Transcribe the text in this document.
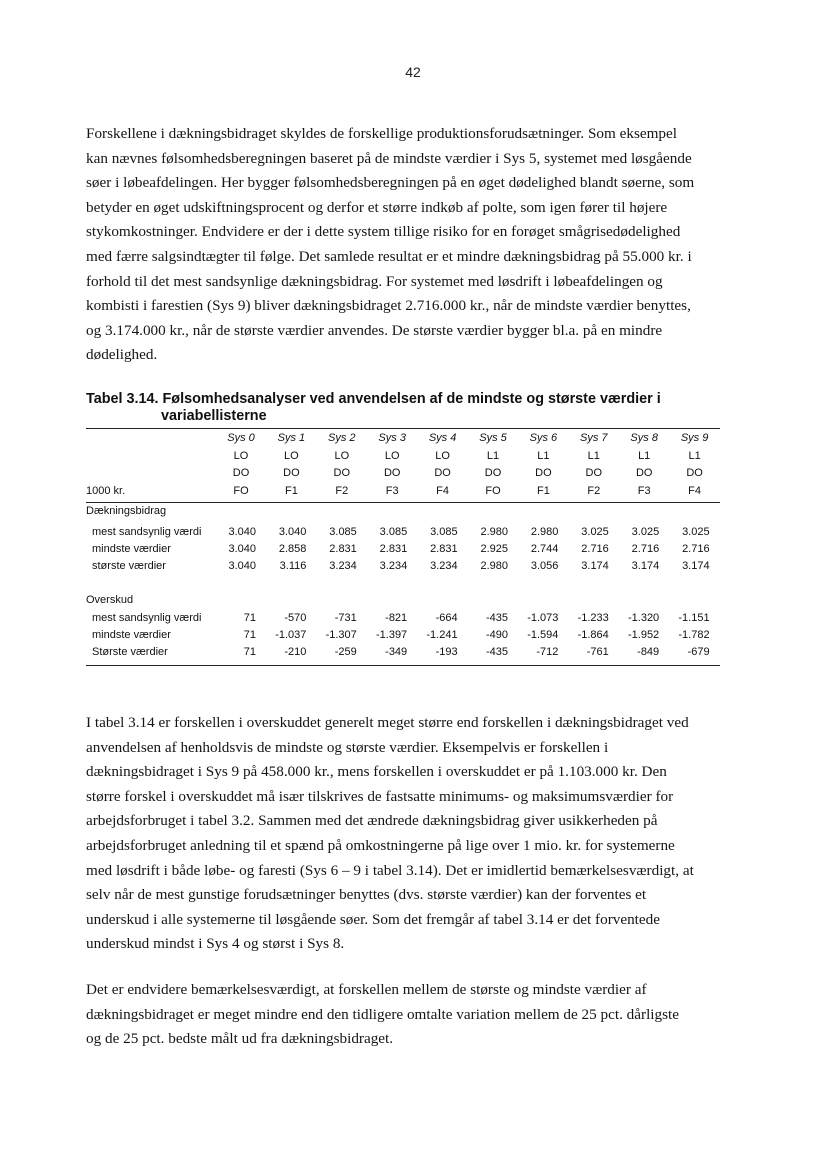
42
Forskellene i dækningsbidraget skyldes de forskellige produktionsforudsætninger. Som eksempel
kan nævnes følsomhedsberegningen baseret på de mindste værdier i Sys 5, systemet med løsgående
søer i løbeafdelingen. Her bygger følsomhedsberegningen på en øget dødelighed blandt søerne, som
betyder en øget udskiftningsprocent og derfor et større indkøb af polte, som igen fører til højere
stykomkostninger. Endvidere er der i dette system tillige risiko for en forøget smågrisedødelighed
med færre salgsindtægter til følge. Det samlede resultat er et mindre dækningsbidrag på 55.000 kr. i
forhold til det mest sandsynlige dækningsbidrag. For systemet med løsdrift i løbeafdelingen og
kombisti i farestien (Sys 9) bliver dækningsbidraget 2.716.000 kr., når de mindste værdier benyttes,
og 3.174.000 kr., når de største værdier anvendes. De største værdier bygger bl.a. på en mindre
dødelighed.
Tabel 3.14. Følsomhedsanalyser ved anvendelsen af de mindste og største værdier i
variabellisterne
Sys 0	Sys 1	Sys 2	Sys 3	Sys 4	Sys 5	Sys 6	Sys 7	Sys 8	Sys 9
LO	LO	LO	LO	LO	L1	L1	L1	L1	L1
DO	DO	DO	DO	DO	DO	DO	DO	DO	DO
1000 kr.	FO	F1	F2	F3	F4	FO	F1	F2	F3	F4
Dækningsbidrag
mest sandsynlig værdi	3.040	3.040	3.085	3.085	3.085	2.980	2.980	3.025	3.025	3.025
mindste værdier	3.040	2.858	2.831	2.831	2.831	2.925	2.744	2.716	2.716	2.716
største værdier	3.040	3.116	3.234	3.234	3.234	2.980	3.056	3.174	3.174	3.174
Overskud
mest sandsynlig værdi	71	-570	-731	-821	-664	-435	-1.073	-1.233	-1.320	-1.151
mindste værdier	71	-1.037	-1.307	-1.397	-1.241	-490	-1.594	-1.864	-1.952	-1.782
Største værdier	71	-210	-259	-349	-193	-435	-712	-761	-849	-679
I tabel 3.14 er forskellen i overskuddet generelt meget større end forskellen i dækningsbidraget ved
anvendelsen af henholdsvis de mindste og største værdier. Eksempelvis er forskellen i
dækningsbidraget i Sys 9 på 458.000 kr., mens forskellen i overskuddet er på 1.103.000 kr. Den
større forskel i overskuddet må især tilskrives de fastsatte minimums- og maksimumsværdier for
arbejdsforbruget i tabel 3.2. Sammen med det ændrede dækningsbidrag giver usikkerheden på
arbejdsforbruget anledning til et spænd på omkostningerne på lige over 1 mio. kr. for systemerne
med løsdrift i både løbe- og faresti (Sys 6 – 9 i tabel 3.14). Det er imidlertid bemærkelsesværdigt, at
selv når de mest gunstige forudsætninger benyttes (dvs. største værdier) kan der forventes et
underskud i alle systemerne til løsgående søer. Som det fremgår af tabel 3.14 er det forventede
underskud mindst i Sys 4 og størst i Sys 8.
Det er endvidere bemærkelsesværdigt, at forskellen mellem de største og mindste værdier af
dækningsbidraget er meget mindre end den tidligere omtalte variation mellem de 25 pct. dårligste
og de 25 pct. bedste målt ud fra dækningsbidraget.
